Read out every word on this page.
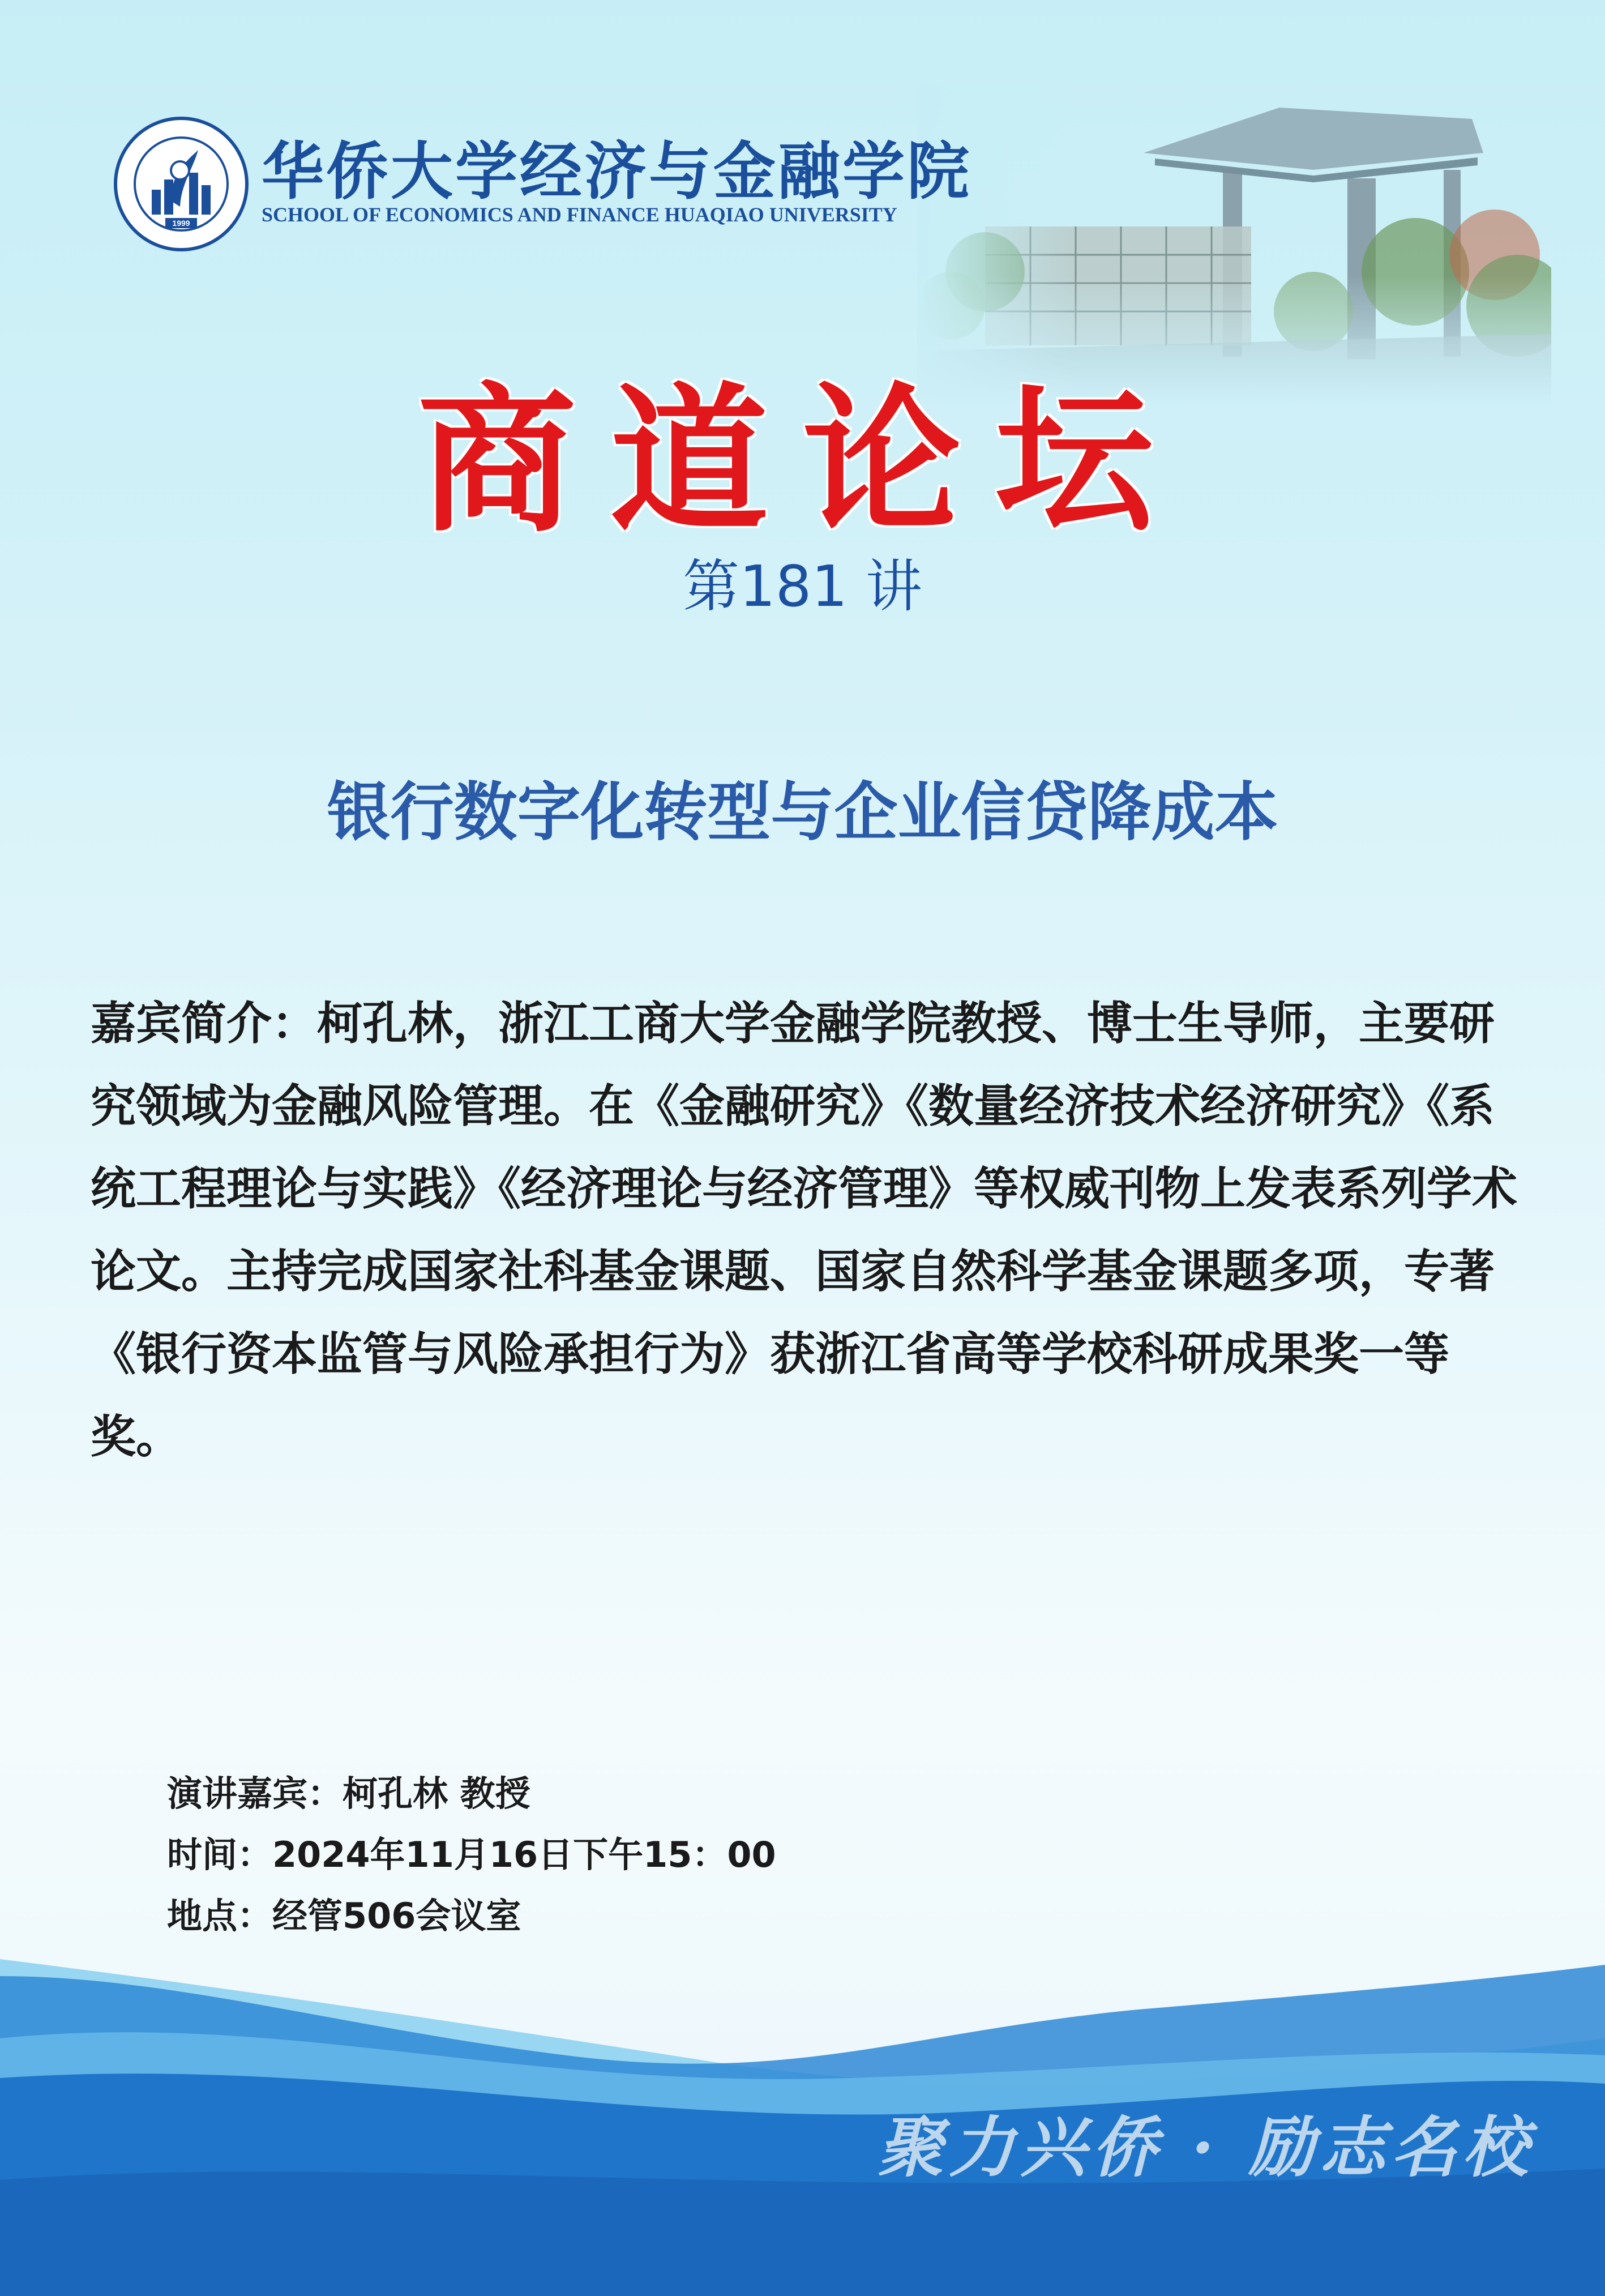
1999
华侨大学经济与金融学院
SCHOOL OF ECONOMICS AND FINANCE HUAQIAO UNIVERSITY
商道论坛
第181 讲
银行数字化转型与企业信贷降成本
嘉宾简介：柯孔林，浙江工商大学金融学院教授、博士生导师，主要研究领域为金融风险管理。在《金融研究》《数量经济技术经济研究》《系统工程理论与实践》《经济理论与经济管理》等权威刊物上发表系列学术论文。主持完成国家社科基金课题、国家自然科学基金课题多项，专著《银行资本监管与风险承担行为》获浙江省高等学校科研成果奖一等奖。
演讲嘉宾：柯孔林 教授
时间：2024年11月16日下午15：00
地点：经管506会议室
聚力兴侨 · 励志名校
